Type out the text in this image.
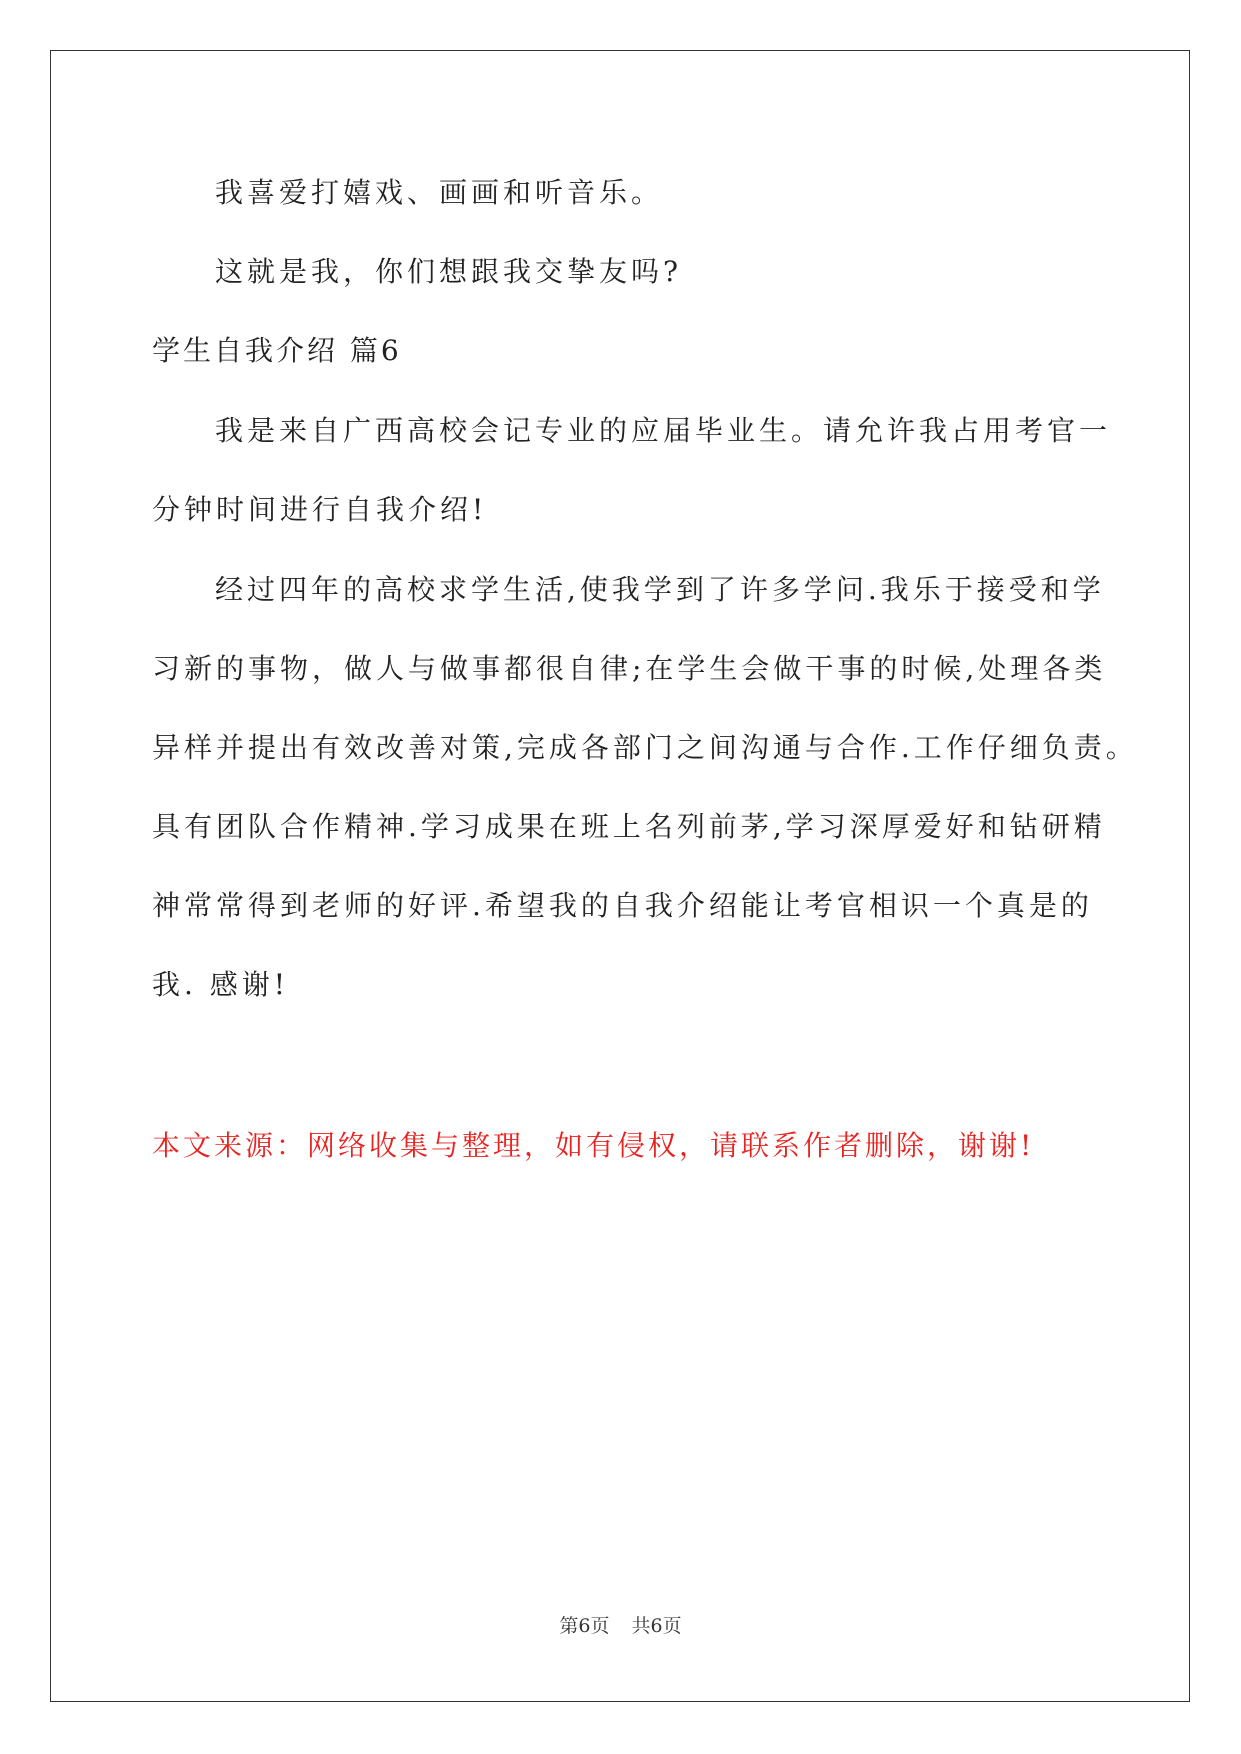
我喜爱打嬉戏、画画和听音乐。
这就是我，你们想跟我交挚友吗?
学生自我介绍 篇6
我是来自广西高校会记专业的应届毕业生。请允许我占用考官一
分钟时间进行自我介绍!
经过四年的高校求学生活,使我学到了许多学问.我乐于接受和学
习新的事物，做人与做事都很自律;在学生会做干事的时候,处理各类
异样并提出有效改善对策,完成各部门之间沟通与合作.工作仔细负责。
具有团队合作精神.学习成果在班上名列前茅,学习深厚爱好和钻研精
神常常得到老师的好评.希望我的自我介绍能让考官相识一个真是的
我. 感谢!
本文来源：网络收集与整理，如有侵权，请联系作者删除，谢谢!
第6页 共6页
